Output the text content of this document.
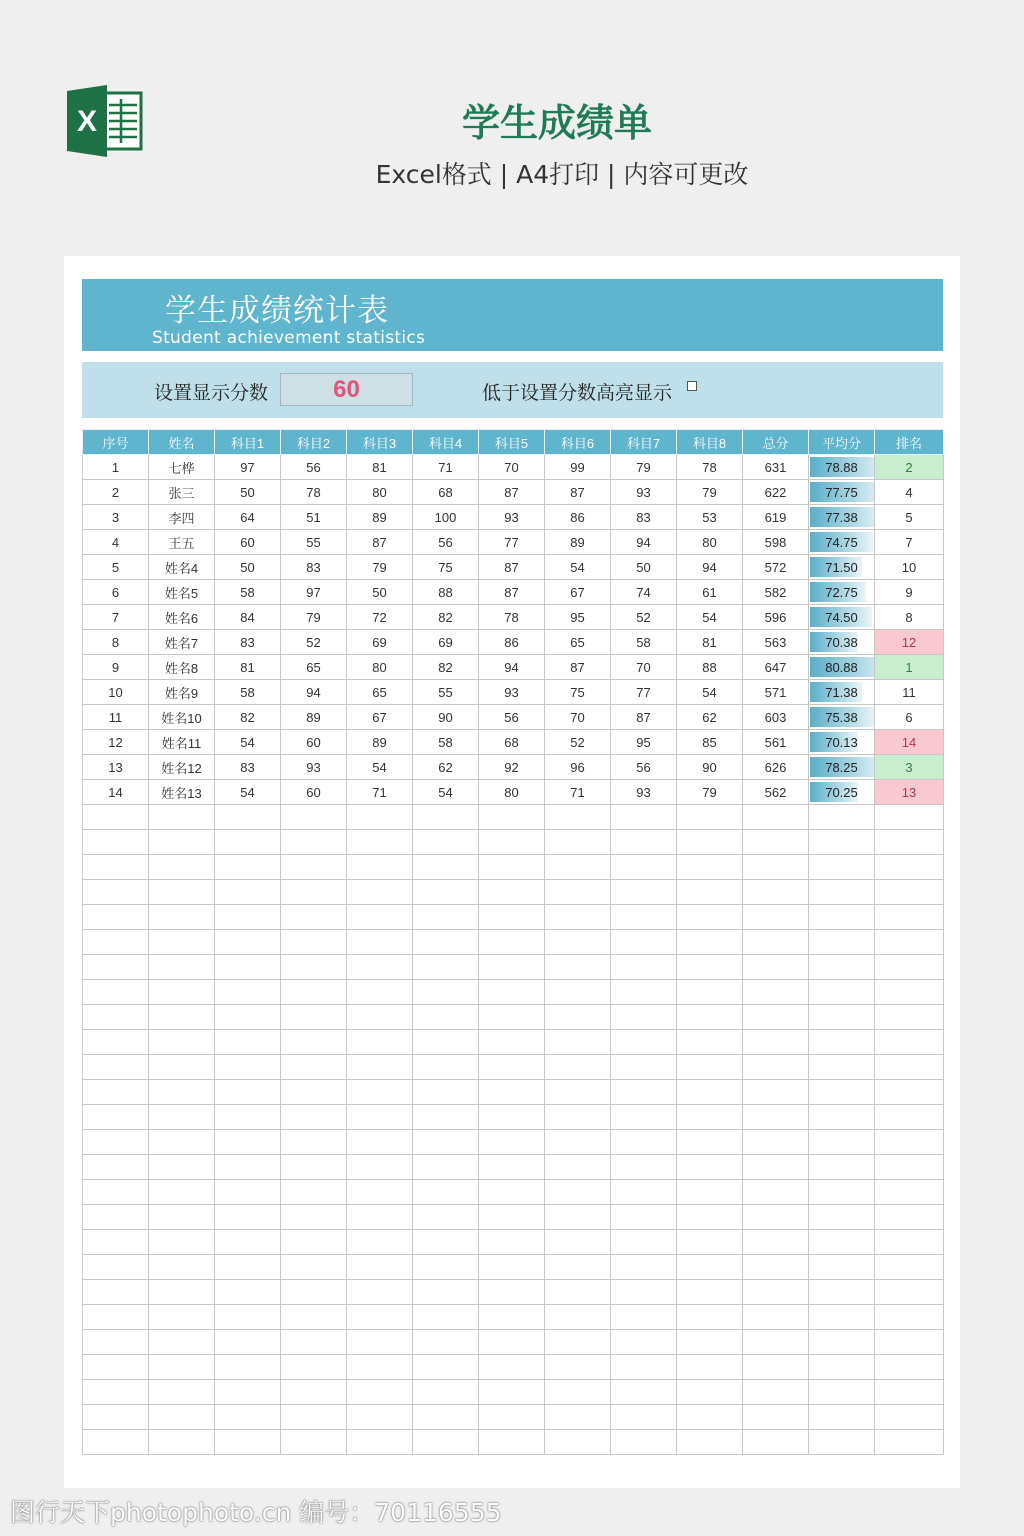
X	学生成绩单
Excel格式 | A4打印 | 内容可更改
学生成绩统计表
Student achievement statistics
设置显示分数	60	低于设置分数高亮显示
序号	姓名	科目1	科目2	科目3	科目4	科目5	科目6	科目7	科目8	总分	平均分	排名
1	七桦	97	56	81	71	70	99	79	78	631	78.88	2
2	张三	50	78	80	68	87	87	93	79	622	77.75	4
3	李四	64	51	89	100	93	86	83	53	619	77.38	5
4	王五	60	55	87	56	77	89	94	80	598	74.75	7
5	姓名4	50	83	79	75	87	54	50	94	572	71.50	10
6	姓名5	58	97	50	88	87	67	74	61	582	72.75	9
7	姓名6	84	79	72	82	78	95	52	54	596	74.50	8
8	姓名7	83	52	69	69	86	65	58	81	563	70.38	12
9	姓名8	81	65	80	82	94	87	70	88	647	80.88	1
10	姓名9	58	94	65	55	93	75	77	54	571	71.38	11
11	姓名10	82	89	67	90	56	70	87	62	603	75.38	6
12	姓名11	54	60	89	58	68	52	95	85	561	70.13	14
13	姓名12	83	93	54	62	92	96	56	90	626	78.25	3
14	姓名13	54	60	71	54	80	71	93	79	562	70.25	13

图行天下photophoto.cn 编号：70116555
